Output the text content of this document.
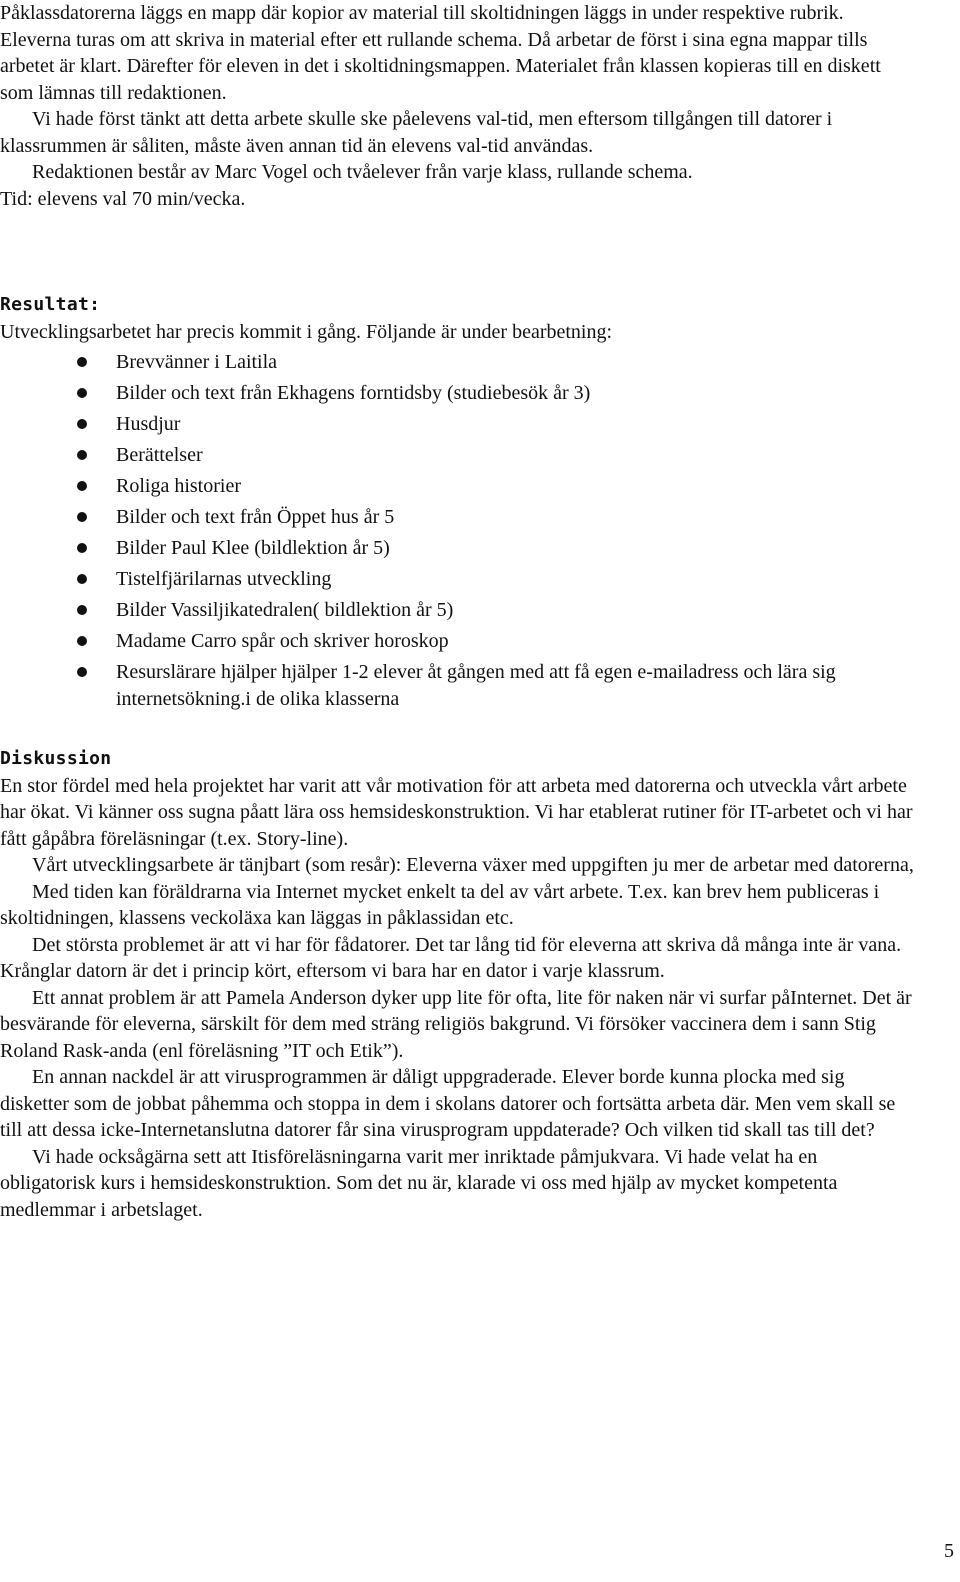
Påklassdatorerna läggs en mapp där kopior av material till skoltidningen läggs in under respektive rubrik. Eleverna turas om att skriva in material efter ett rullande schema. Då arbetar de först i sina egna mappar tills arbetet är klart. Därefter för eleven in det i skoltidningsmappen. Materialet från klassen kopieras till en diskett som lämnas till redaktionen.

Vi hade först tänkt att detta arbete skulle ske påelevens val-tid, men eftersom tillgången till datorer i klassrummen är såliten, måste även annan tid än elevens val-tid användas.

Redaktionen består av Marc Vogel och tvåelever från varje klass, rullande schema.

Tid: elevens val 70 min/vecka.

Resultat:

Utvecklingsarbetet har precis kommit i gång. Följande är under bearbetning:

Brevvänner i Laitila
Bilder och text från Ekhagens forntidsby (studiebesök år 3)
Husdjur
Berättelser
Roliga historier
Bilder och text från Öppet hus år 5
Bilder Paul Klee (bildlektion år 5)
Tistelfjärilarnas utveckling
Bilder Vassiljikatedralen( bildlektion år 5)
Madame Carro spår och skriver horoskop
Resurslärare hjälper hjälper 1-2 elever åt gången med att få egen e-mailadress och lära sig internetsökning.i de olika klasserna

Diskussion

En stor fördel med hela projektet har varit att vår motivation för att arbeta med datorerna och utveckla vårt arbete har ökat. Vi känner oss sugna påatt lära oss hemsideskonstruktion. Vi har etablerat rutiner för IT-arbetet och vi har fått gåpåbra föreläsningar (t.ex. Story-line).

Vårt utvecklingsarbete är tänjbart (som resår): Eleverna växer med uppgiften ju mer de arbetar med datorerna,

Med tiden kan föräldrarna via Internet mycket enkelt ta del av vårt arbete. T.ex. kan brev hem publiceras i skoltidningen, klassens veckoläxa kan läggas in påklassidan etc.

Det största problemet är att vi har för fådatorer. Det tar lång tid för eleverna att skriva då många inte är vana. Krånglar datorn är det i princip kört, eftersom vi bara har en dator i varje klassrum.

Ett annat problem är att Pamela Anderson dyker upp lite för ofta, lite för naken när vi surfar påInternet. Det är besvärande för eleverna, särskilt för dem med sträng religiös bakgrund. Vi försöker vaccinera dem i sann Stig Roland Rask-anda (enl föreläsning ”IT och Etik”).

En annan nackdel är att virusprogrammen är dåligt uppgraderade. Elever borde kunna plocka med sig disketter som de jobbat påhemma och stoppa in dem i skolans datorer och fortsätta arbeta där. Men vem skall se till att dessa icke-Internetanslutna datorer får sina virusprogram uppdaterade? Och vilken tid skall tas till det?

Vi hade ocksågärna sett att Itisföreläsningarna varit mer inriktade påmjukvara. Vi hade velat ha en obligatorisk kurs i hemsideskonstruktion. Som det nu är, klarade vi oss med hjälp av mycket kompetenta medlemmar i arbetslaget.

5
